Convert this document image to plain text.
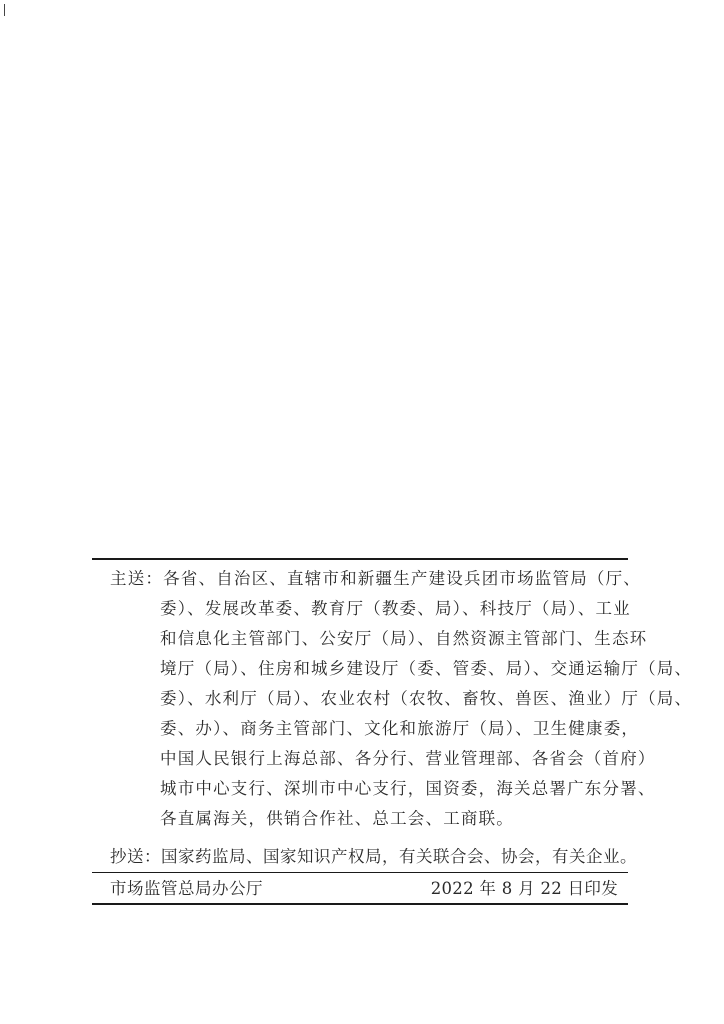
主送：各省、自治区、直辖市和新疆生产建设兵团市场监管局（厅、
委）、发展改革委、教育厅（教委、局）、科技厅（局）、工业
和信息化主管部门、公安厅（局）、自然资源主管部门、生态环
境厅（局）、住房和城乡建设厅（委、管委、局）、交通运输厅（局、
委）、水利厅（局）、农业农村（农牧、畜牧、兽医、渔业）厅（局、
委、办）、商务主管部门、文化和旅游厅（局）、卫生健康委，
中国人民银行上海总部、各分行、营业管理部、各省会（首府）
城市中心支行、深圳市中心支行，国资委，海关总署广东分署、
各直属海关，供销合作社、总工会、工商联。
抄送：国家药监局、国家知识产权局，有关联合会、协会，有关企业。
市场监管总局办公厅	2022 年 8 月 22 日印发
